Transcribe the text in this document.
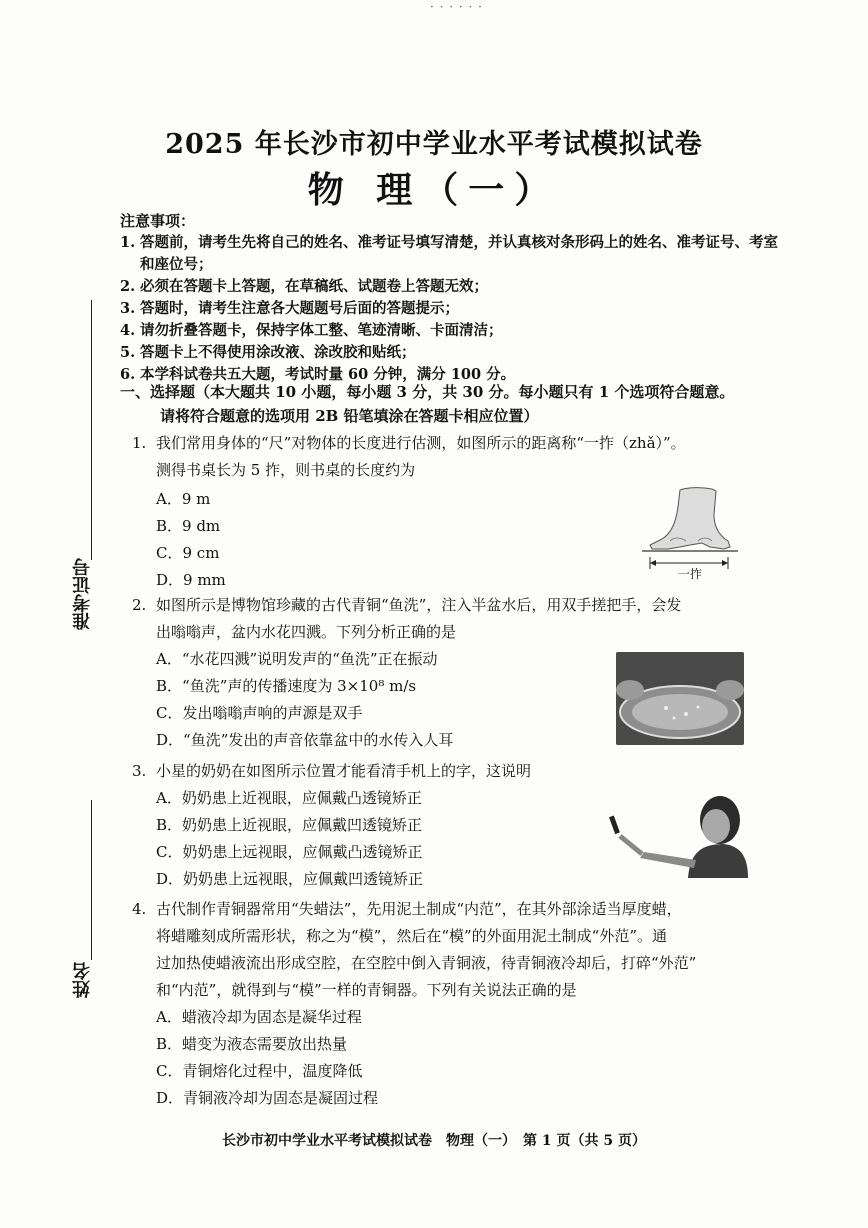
· · · · · ·
2025 年长沙市初中学业水平考试模拟试卷
物 理（一）
注意事项：
1. 答题前，请考生先将自己的姓名、准考证号填写清楚，并认真核对条形码上的姓名、准考证号、考室和座位号；
2. 必须在答题卡上答题，在草稿纸、试题卷上答题无效；
3. 答题时，请考生注意各大题题号后面的答题提示；
4. 请勿折叠答题卡，保持字体工整、笔迹清晰、卡面清洁；
5. 答题卡上不得使用涂改液、涂改胶和贴纸；
6. 本学科试卷共五大题，考试时量 60 分钟，满分 100 分。
一、选择题（本大题共 10 小题，每小题 3 分，共 30 分。每小题只有 1 个选项符合题意。
请将符合题意的选项用 2B 铅笔填涂在答题卡相应位置）
1. 我们常用身体的“尺”对物体的长度进行估测，如图所示的距离称“一拃（zhǎ）”。
测得书桌长为 5 拃，则书桌的长度约为
A．9 m
B．9 dm
C．9 cm
D．9 mm	一拃
2. 如图所示是博物馆珍藏的古代青铜“鱼洗”，注入半盆水后，用双手搓把手，会发
出嗡嗡声，盆内水花四溅。下列分析正确的是
A．“水花四溅”说明发声的“鱼洗”正在振动
B．“鱼洗”声的传播速度为 3×10⁸ m/s
C．发出嗡嗡声响的声源是双手
D．“鱼洗”发出的声音依靠盆中的水传入人耳
3. 小星的奶奶在如图所示位置才能看清手机上的字，这说明
A．奶奶患上近视眼，应佩戴凸透镜矫正
B．奶奶患上近视眼，应佩戴凹透镜矫正
C．奶奶患上远视眼，应佩戴凸透镜矫正
D．奶奶患上远视眼，应佩戴凹透镜矫正
4. 古代制作青铜器常用“失蜡法”，先用泥土制成“内范”，在其外部涂适当厚度蜡，
将蜡雕刻成所需形状，称之为“模”，然后在“模”的外面用泥土制成“外范”。通
过加热使蜡液流出形成空腔，在空腔中倒入青铜液，待青铜液冷却后，打碎“外范”
和“内范”，就得到与“模”一样的青铜器。下列有关说法正确的是
A．蜡液冷却为固态是凝华过程
B．蜡变为液态需要放出热量
C．青铜熔化过程中，温度降低
D．青铜液冷却为固态是凝固过程
准考证号
姓名
长沙市初中学业水平考试模拟试卷　物理（一）　第 1 页（共 5 页）
